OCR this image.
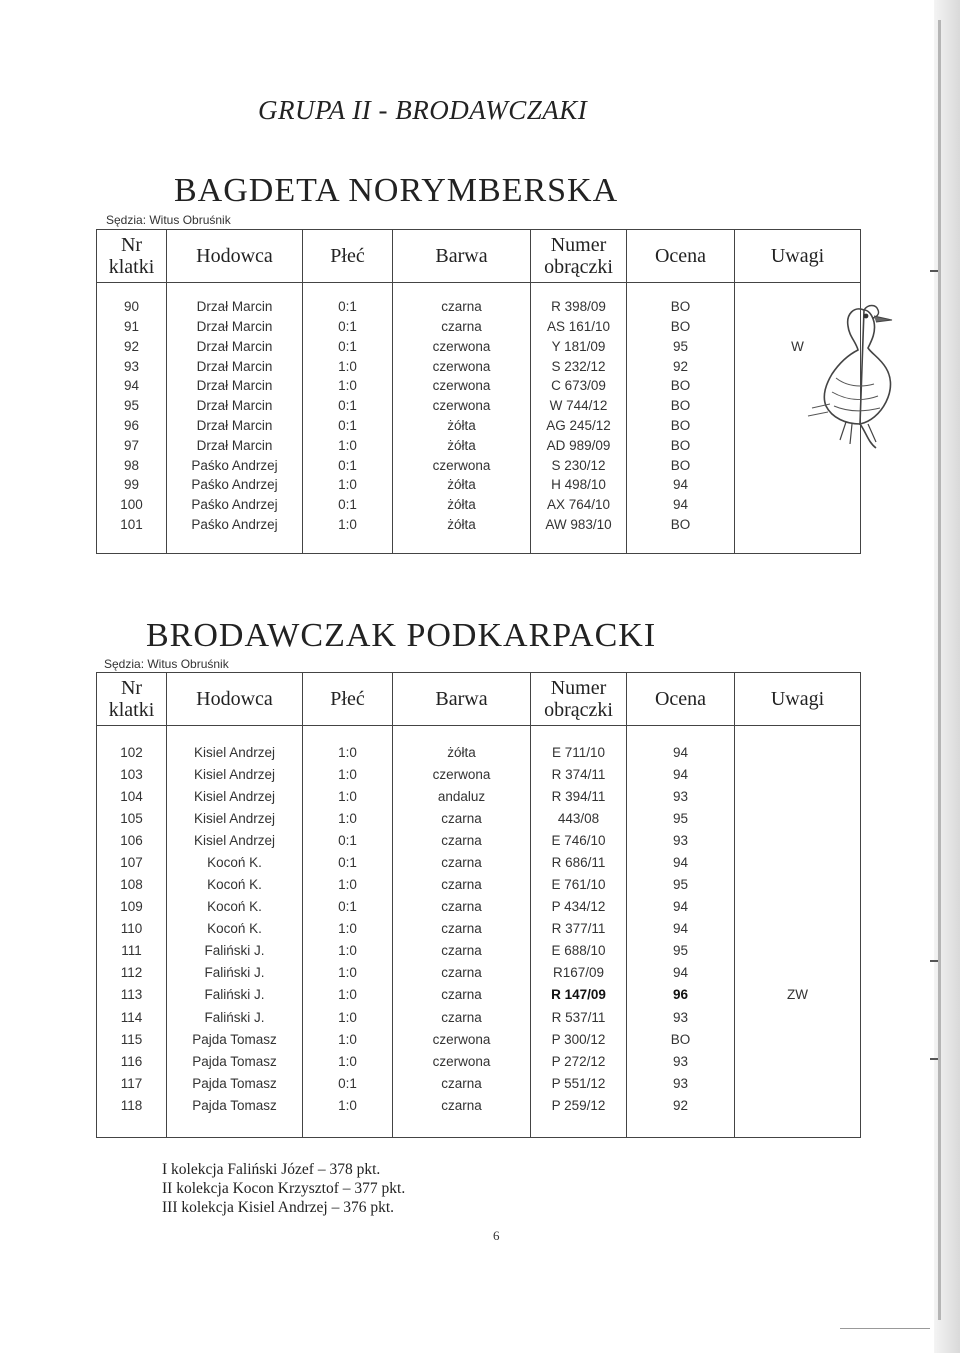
GRUPA II - BRODAWCZAKI
BAGDETA NORYMBERSKA
Sędzia: Witus Obruśnik
Nr klatki	Hodowca	Płeć	Barwa	Numer obrączki	Ocena	Uwagi

90	Drzał Marcin	0:1	czarna	R 398/09	BO	
91	Drzał Marcin	0:1	czarna	AS 161/10	BO	
92	Drzał Marcin	0:1	czerwona	Y 181/09	95	W
93	Drzał Marcin	1:0	czerwona	S 232/12	92	
94	Drzał Marcin	1:0	czerwona	C 673/09	BO	
95	Drzał Marcin	0:1	czerwona	W 744/12	BO	
96	Drzał Marcin	0:1	żółta	AG 245/12	BO	
97	Drzał Marcin	1:0	żółta	AD 989/09	BO	
98	Paśko Andrzej	0:1	czerwona	S 230/12	BO	
99	Paśko Andrzej	1:0	żółta	H 498/10	94	
100	Paśko Andrzej	0:1	żółta	AX 764/10	94	
101	Paśko Andrzej	1:0	żółta	AW 983/10	BO	

BRODAWCZAK PODKARPACKI
Sędzia: Witus Obruśnik
Nr klatki	Hodowca	Płeć	Barwa	Numer obrączki	Ocena	Uwagi

102	Kisiel Andrzej	1:0	żółta	E 711/10	94	
103	Kisiel Andrzej	1:0	czerwona	R 374/11	94	
104	Kisiel Andrzej	1:0	andaluz	R 394/11	93	
105	Kisiel Andrzej	1:0	czarna	443/08	95	
106	Kisiel Andrzej	0:1	czarna	E 746/10	93	
107	Kocoń K.	0:1	czarna	R 686/11	94	
108	Kocoń K.	1:0	czarna	E 761/10	95	
109	Kocoń K.	0:1	czarna	P 434/12	94	
110	Kocoń K.	1:0	czarna	R 377/11	94	
111	Faliński J.	1:0	czarna	E 688/10	95	
112	Faliński J.	1:0	czarna	R167/09	94	
113	Faliński J.	1:0	czarna	R 147/09	96	ZW
114	Faliński J.	1:0	czarna	R 537/11	93	
115	Pajda Tomasz	1:0	czerwona	P 300/12	BO	
116	Pajda Tomasz	1:0	czerwona	P 272/12	93	
117	Pajda Tomasz	0:1	czarna	P 551/12	93	
118	Pajda Tomasz	1:0	czarna	P 259/12	92	

I kolekcja Faliński Józef – 378 pkt.
II kolekcja Kocon Krzysztof – 377 pkt.
III kolekcja Kisiel Andrzej – 376 pkt.
6
